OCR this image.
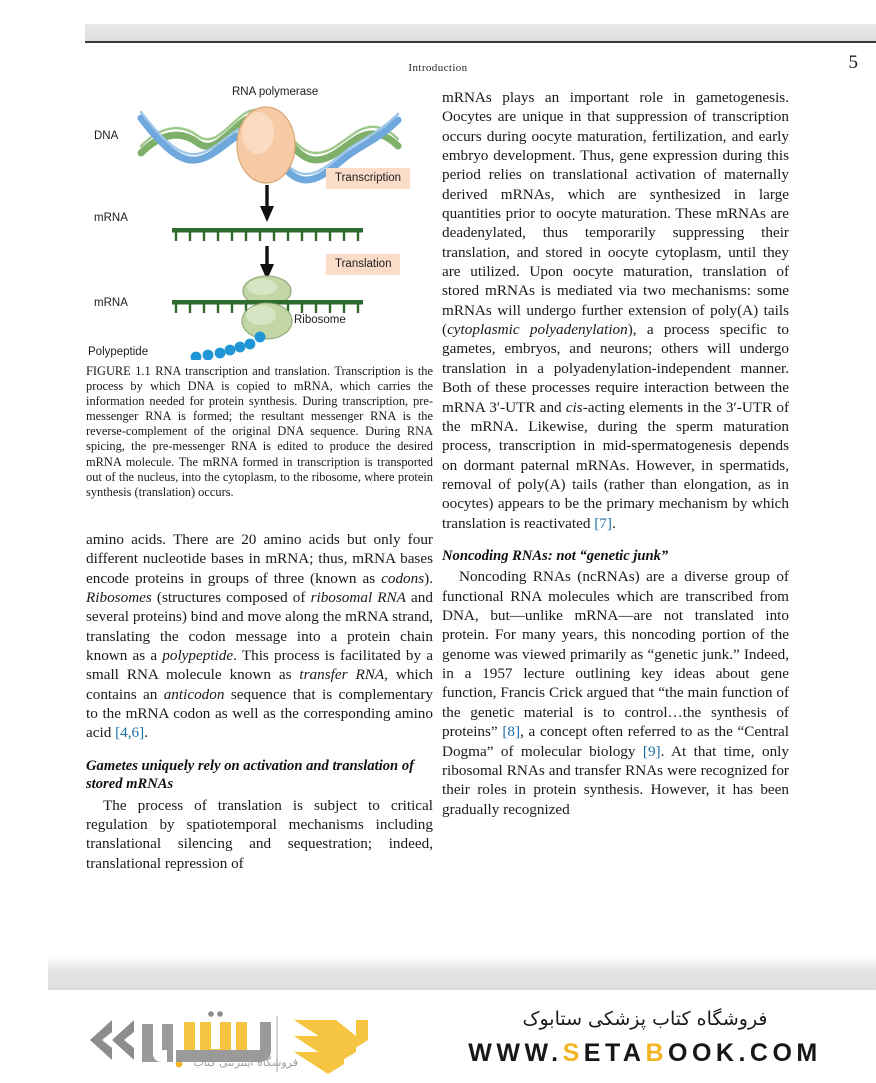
Introduction	5
RNA polymerase
DNA
mRNA
mRNA
Ribosome
Polypeptide
Transcription
Translation

FIGURE 1.1 RNA transcription and translation. Transcription is the process by which DNA is copied to mRNA, which carries the information needed for protein synthesis. During transcription, pre-messenger RNA is formed; the resultant messenger RNA is the reverse-complement of the original DNA sequence. During RNA spicing, the pre-messenger RNA is edited to produce the desired mRNA molecule. The mRNA formed in transcription is transported out of the nucleus, into the cytoplasm, to the ribosome, where protein synthesis (translation) occurs.

amino acids. There are 20 amino acids but only four different nucleotide bases in mRNA; thus, mRNA bases encode proteins in groups of three (known as codons). Ribosomes (structures composed of ribosomal RNA and several proteins) bind and move along the mRNA strand, translating the codon message into a protein chain known as a polypeptide. This process is facilitated by a small RNA molecule known as transfer RNA, which contains an anticodon sequence that is complementary to the mRNA codon as well as the corresponding amino acid [4,6].

Gametes uniquely rely on activation and translation of stored mRNAs

The process of translation is subject to critical regulation by spatiotemporal mechanisms including translational silencing and sequestration; indeed, translational repression of

mRNAs plays an important role in gametogenesis. Oocytes are unique in that suppression of transcription occurs during oocyte maturation, fertilization, and early embryo development. Thus, gene expression during this period relies on translational activation of maternally derived mRNAs, which are synthesized in large quantities prior to oocyte maturation. These mRNAs are deadenylated, thus temporarily suppressing their translation, and stored in oocyte cytoplasm, until they are utilized. Upon oocyte maturation, translation of stored mRNAs is mediated via two mechanisms: some mRNAs will undergo further extension of poly(A) tails (cytoplasmic polyadenylation), a process specific to gametes, embryos, and neurons; others will undergo translation in a polyadenylation-independent manner. Both of these processes require interaction between the mRNA 3′-UTR and cis-acting elements in the 3′-UTR of the mRNA. Likewise, during the sperm maturation process, transcription in mid-spermatogenesis depends on dormant paternal mRNAs. However, in spermatids, removal of poly(A) tails (rather than elongation, as in oocytes) appears to be the primary mechanism by which translation is reactivated [7].

Noncoding RNAs: not “genetic junk”

Noncoding RNAs (ncRNAs) are a diverse group of functional RNA molecules which are transcribed from DNA, but—unlike mRNA—are not translated into protein. For many years, this noncoding portion of the genome was viewed primarily as “genetic junk.” Indeed, in a 1957 lecture outlining key ideas about gene function, Francis Crick argued that “the main function of the genetic material is to control…the synthesis of proteins” [8], a concept often referred to as the “Central Dogma” of molecular biology [9]. At that time, only ribosomal RNAs and transfer RNAs were recognized for their roles in protein synthesis. However, it has been gradually recognized

فروشگاه اینترنتی کتاب
فروشگاه کتاب پزشکی ستابوک
WWW.SETABOOK.COM
